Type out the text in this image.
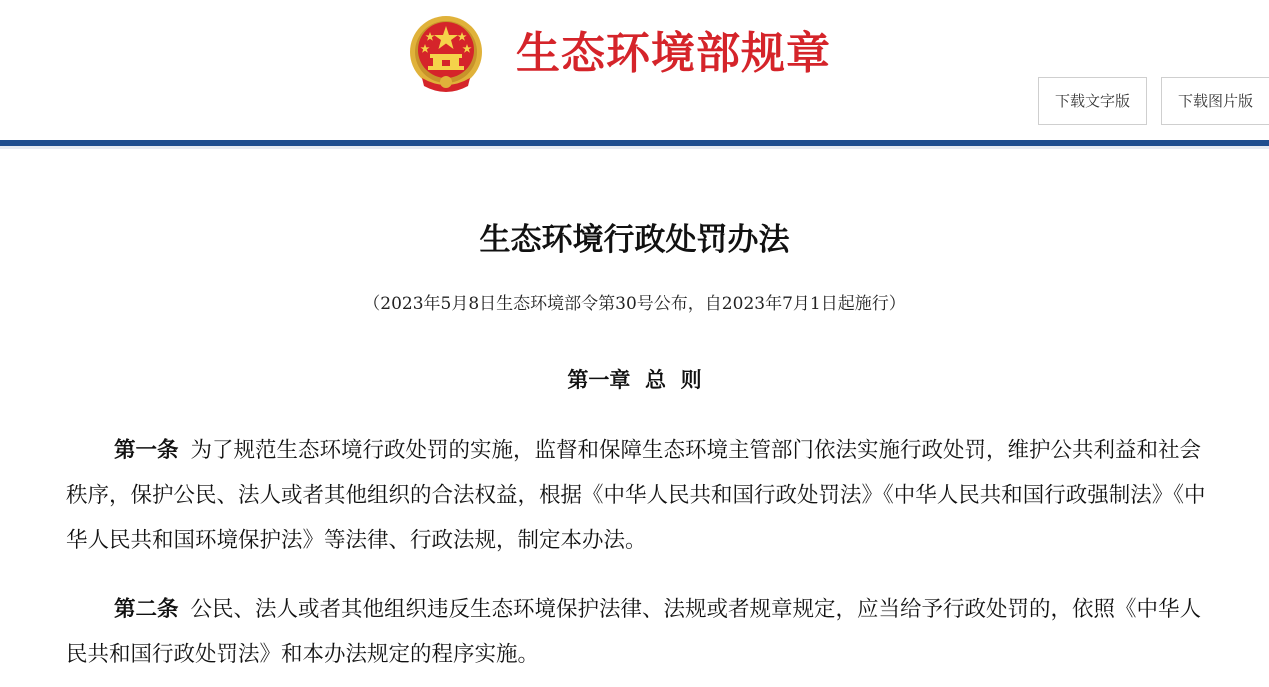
生态环境部规章
下载文字版	下载图片版
生态环境行政处罚办法
（2023年5月8日生态环境部令第30号公布，自2023年7月1日起施行）
第一章  总  则

第一条 为了规范生态环境行政处罚的实施，监督和保障生态环境主管部门依法实施行政处罚，维护公共利益和社会秩序，保护公民、法人或者其他组织的合法权益，根据《中华人民共和国行政处罚法》《中华人民共和国行政强制法》《中华人民共和国环境保护法》等法律、行政法规，制定本办法。

第二条 公民、法人或者其他组织违反生态环境保护法律、法规或者规章规定，应当给予行政处罚的，依照《中华人民共和国行政处罚法》和本办法规定的程序实施。
